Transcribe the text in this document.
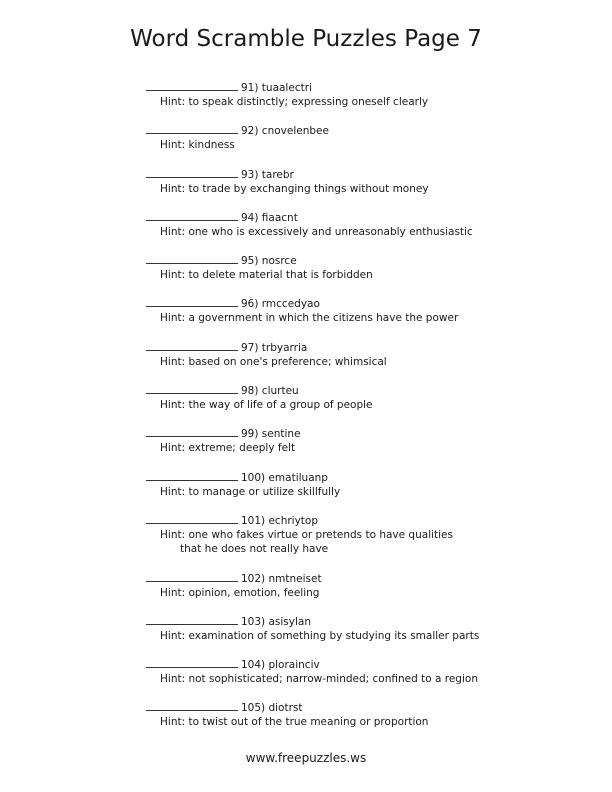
Word Scramble Puzzles Page 7
91) tuaalectri
Hint: to speak distinctly; expressing oneself clearly
92) cnovelenbee
Hint: kindness
93) tarebr
Hint: to trade by exchanging things without money
94) fiaacnt
Hint: one who is excessively and unreasonably enthusiastic
95) nosrce
Hint: to delete material that is forbidden
96) rmccedyao
Hint: a government in which the citizens have the power
97) trbyarria
Hint: based on one's preference; whimsical
98) clurteu
Hint: the way of life of a group of people
99) sentine
Hint: extreme; deeply felt
100) ematiluanp
Hint: to manage or utilize skillfully
101) echriytop
Hint: one who fakes virtue or pretends to have qualities
that he does not really have
102) nmtneiset
Hint: opinion, emotion, feeling
103) asisylan
Hint: examination of something by studying its smaller parts
104) plorainciv
Hint: not sophisticated; narrow-minded; confined to a region
105) diotrst
Hint: to twist out of the true meaning or proportion
www.freepuzzles.ws
